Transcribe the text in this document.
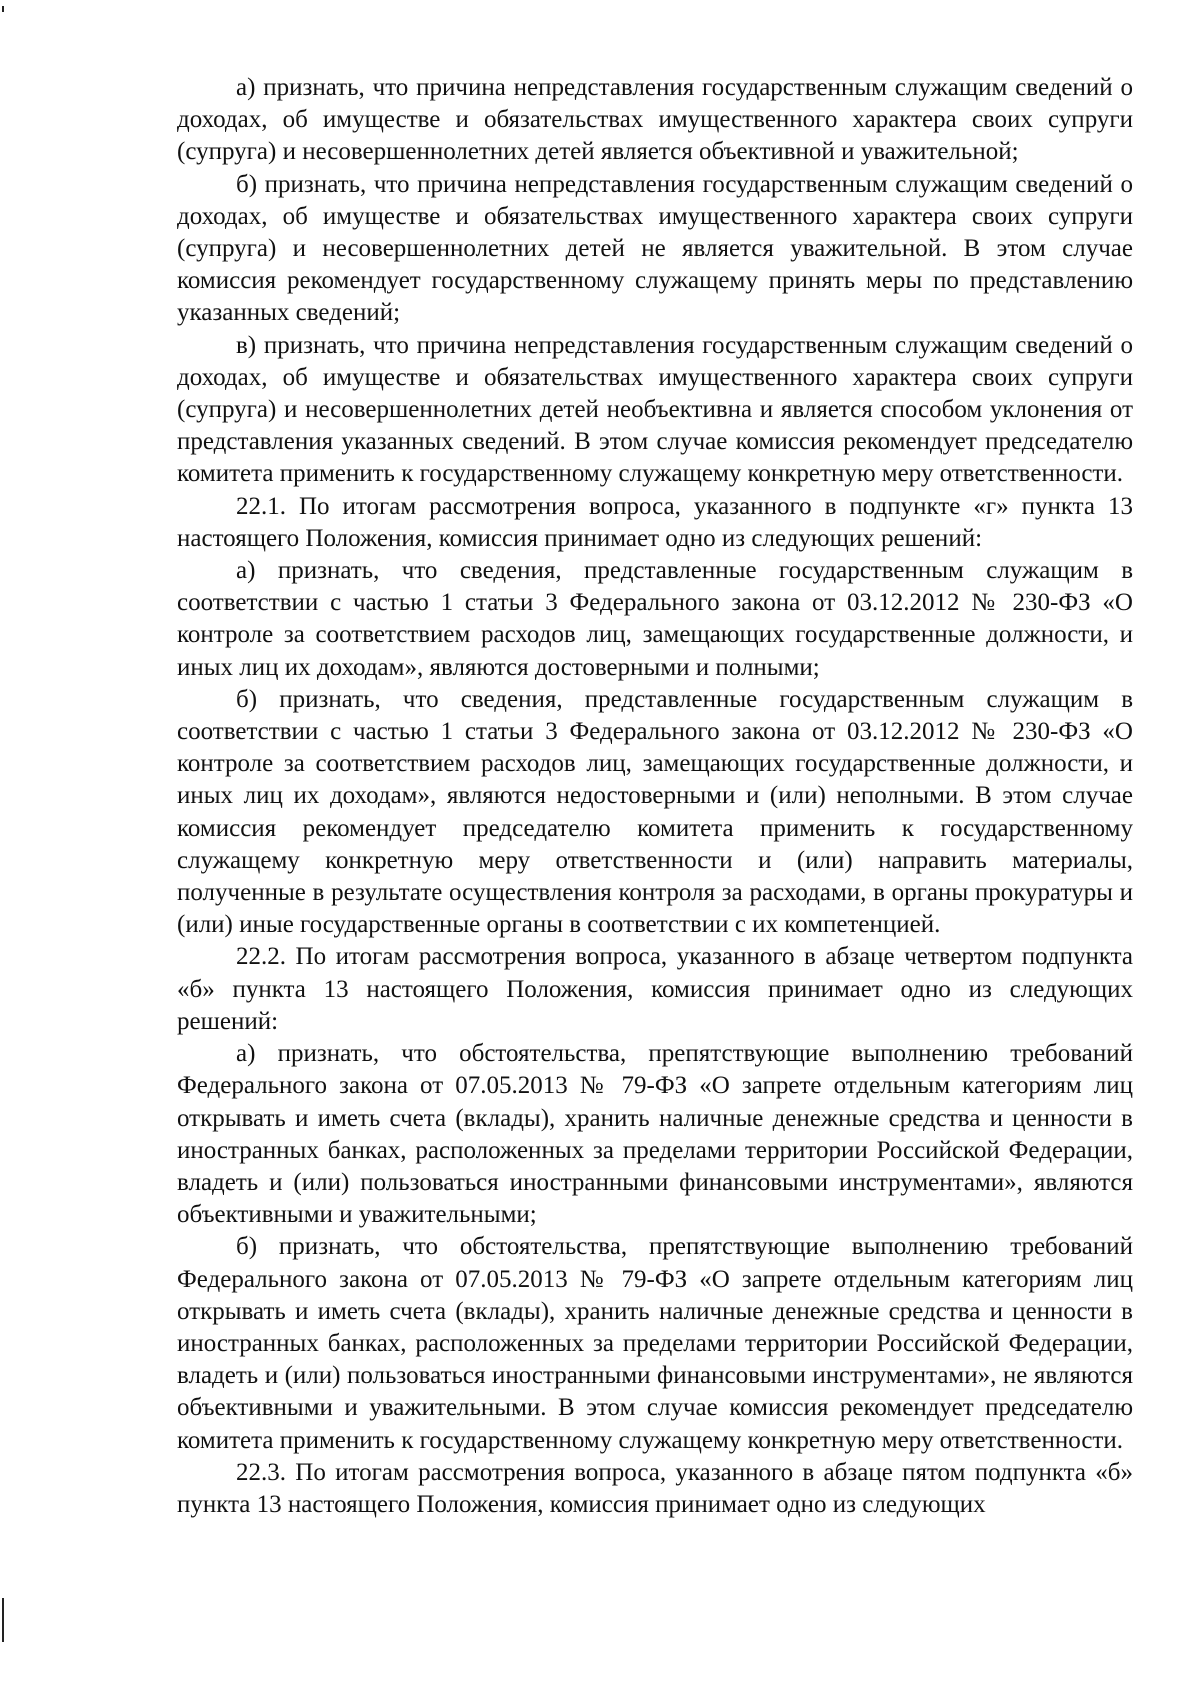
а) признать, что причина непредставления государственным служащим сведений о доходах, об имуществе и обязательствах имущественного характера своих супруги (супруга) и несовершеннолетних детей является объективной и уважительной;

б) признать, что причина непредставления государственным служащим сведений о доходах, об имуществе и обязательствах имущественного характера своих супруги (супруга) и несовершеннолетних детей не является уважительной. В этом случае комиссия рекомендует государственному служащему принять меры по представлению указанных сведений;

в) признать, что причина непредставления государственным служащим сведений о доходах, об имуществе и обязательствах имущественного характера своих супруги (супруга) и несовершеннолетних детей необъективна и является способом уклонения от представления указанных сведений. В этом случае комиссия рекомендует председателю комитета применить к государственному служащему конкретную меру ответственности.

22.1. По итогам рассмотрения вопроса, указанного в подпункте «г» пункта 13 настоящего Положения, комиссия принимает одно из следующих решений:

а) признать, что сведения, представленные государственным служащим в соответствии с частью 1 статьи 3 Федерального закона от 03.12.2012 № 230-ФЗ «О контроле за соответствием расходов лиц, замещающих государственные должности, и иных лиц их доходам», являются достоверными и полными;

б) признать, что сведения, представленные государственным служащим в соответствии с частью 1 статьи 3 Федерального закона от 03.12.2012 № 230-ФЗ «О контроле за соответствием расходов лиц, замещающих государственные должности, и иных лиц их доходам», являются недостоверными и (или) неполными. В этом случае комиссия рекомендует председателю комитета применить к государственному служащему конкретную меру ответственности и (или) направить материалы, полученные в результате осуществления контроля за расходами, в органы прокуратуры и (или) иные государственные органы в соответствии с их компетенцией.

22.2. По итогам рассмотрения вопроса, указанного в абзаце четвертом подпункта «б» пункта 13 настоящего Положения, комиссия принимает одно из следующих решений:

а) признать, что обстоятельства, препятствующие выполнению требований Федерального закона от 07.05.2013 № 79-ФЗ «О запрете отдельным категориям лиц открывать и иметь счета (вклады), хранить наличные денежные средства и ценности в иностранных банках, расположенных за пределами территории Российской Федерации, владеть и (или) пользоваться иностранными финансовыми инструментами», являются объективными и уважительными;

б) признать, что обстоятельства, препятствующие выполнению требований Федерального закона от 07.05.2013 № 79-ФЗ «О запрете отдельным категориям лиц открывать и иметь счета (вклады), хранить наличные денежные средства и ценности в иностранных банках, расположенных за пределами территории Российской Федерации, владеть и (или) пользоваться иностранными финансовыми инструментами», не являются объективными и уважительными. В этом случае комиссия рекомендует председателю комитета применить к государственному служащему конкретную меру ответственности.

22.3. По итогам рассмотрения вопроса, указанного в абзаце пятом подпункта «б» пункта 13 настоящего Положения, комиссия принимает одно из следующих
